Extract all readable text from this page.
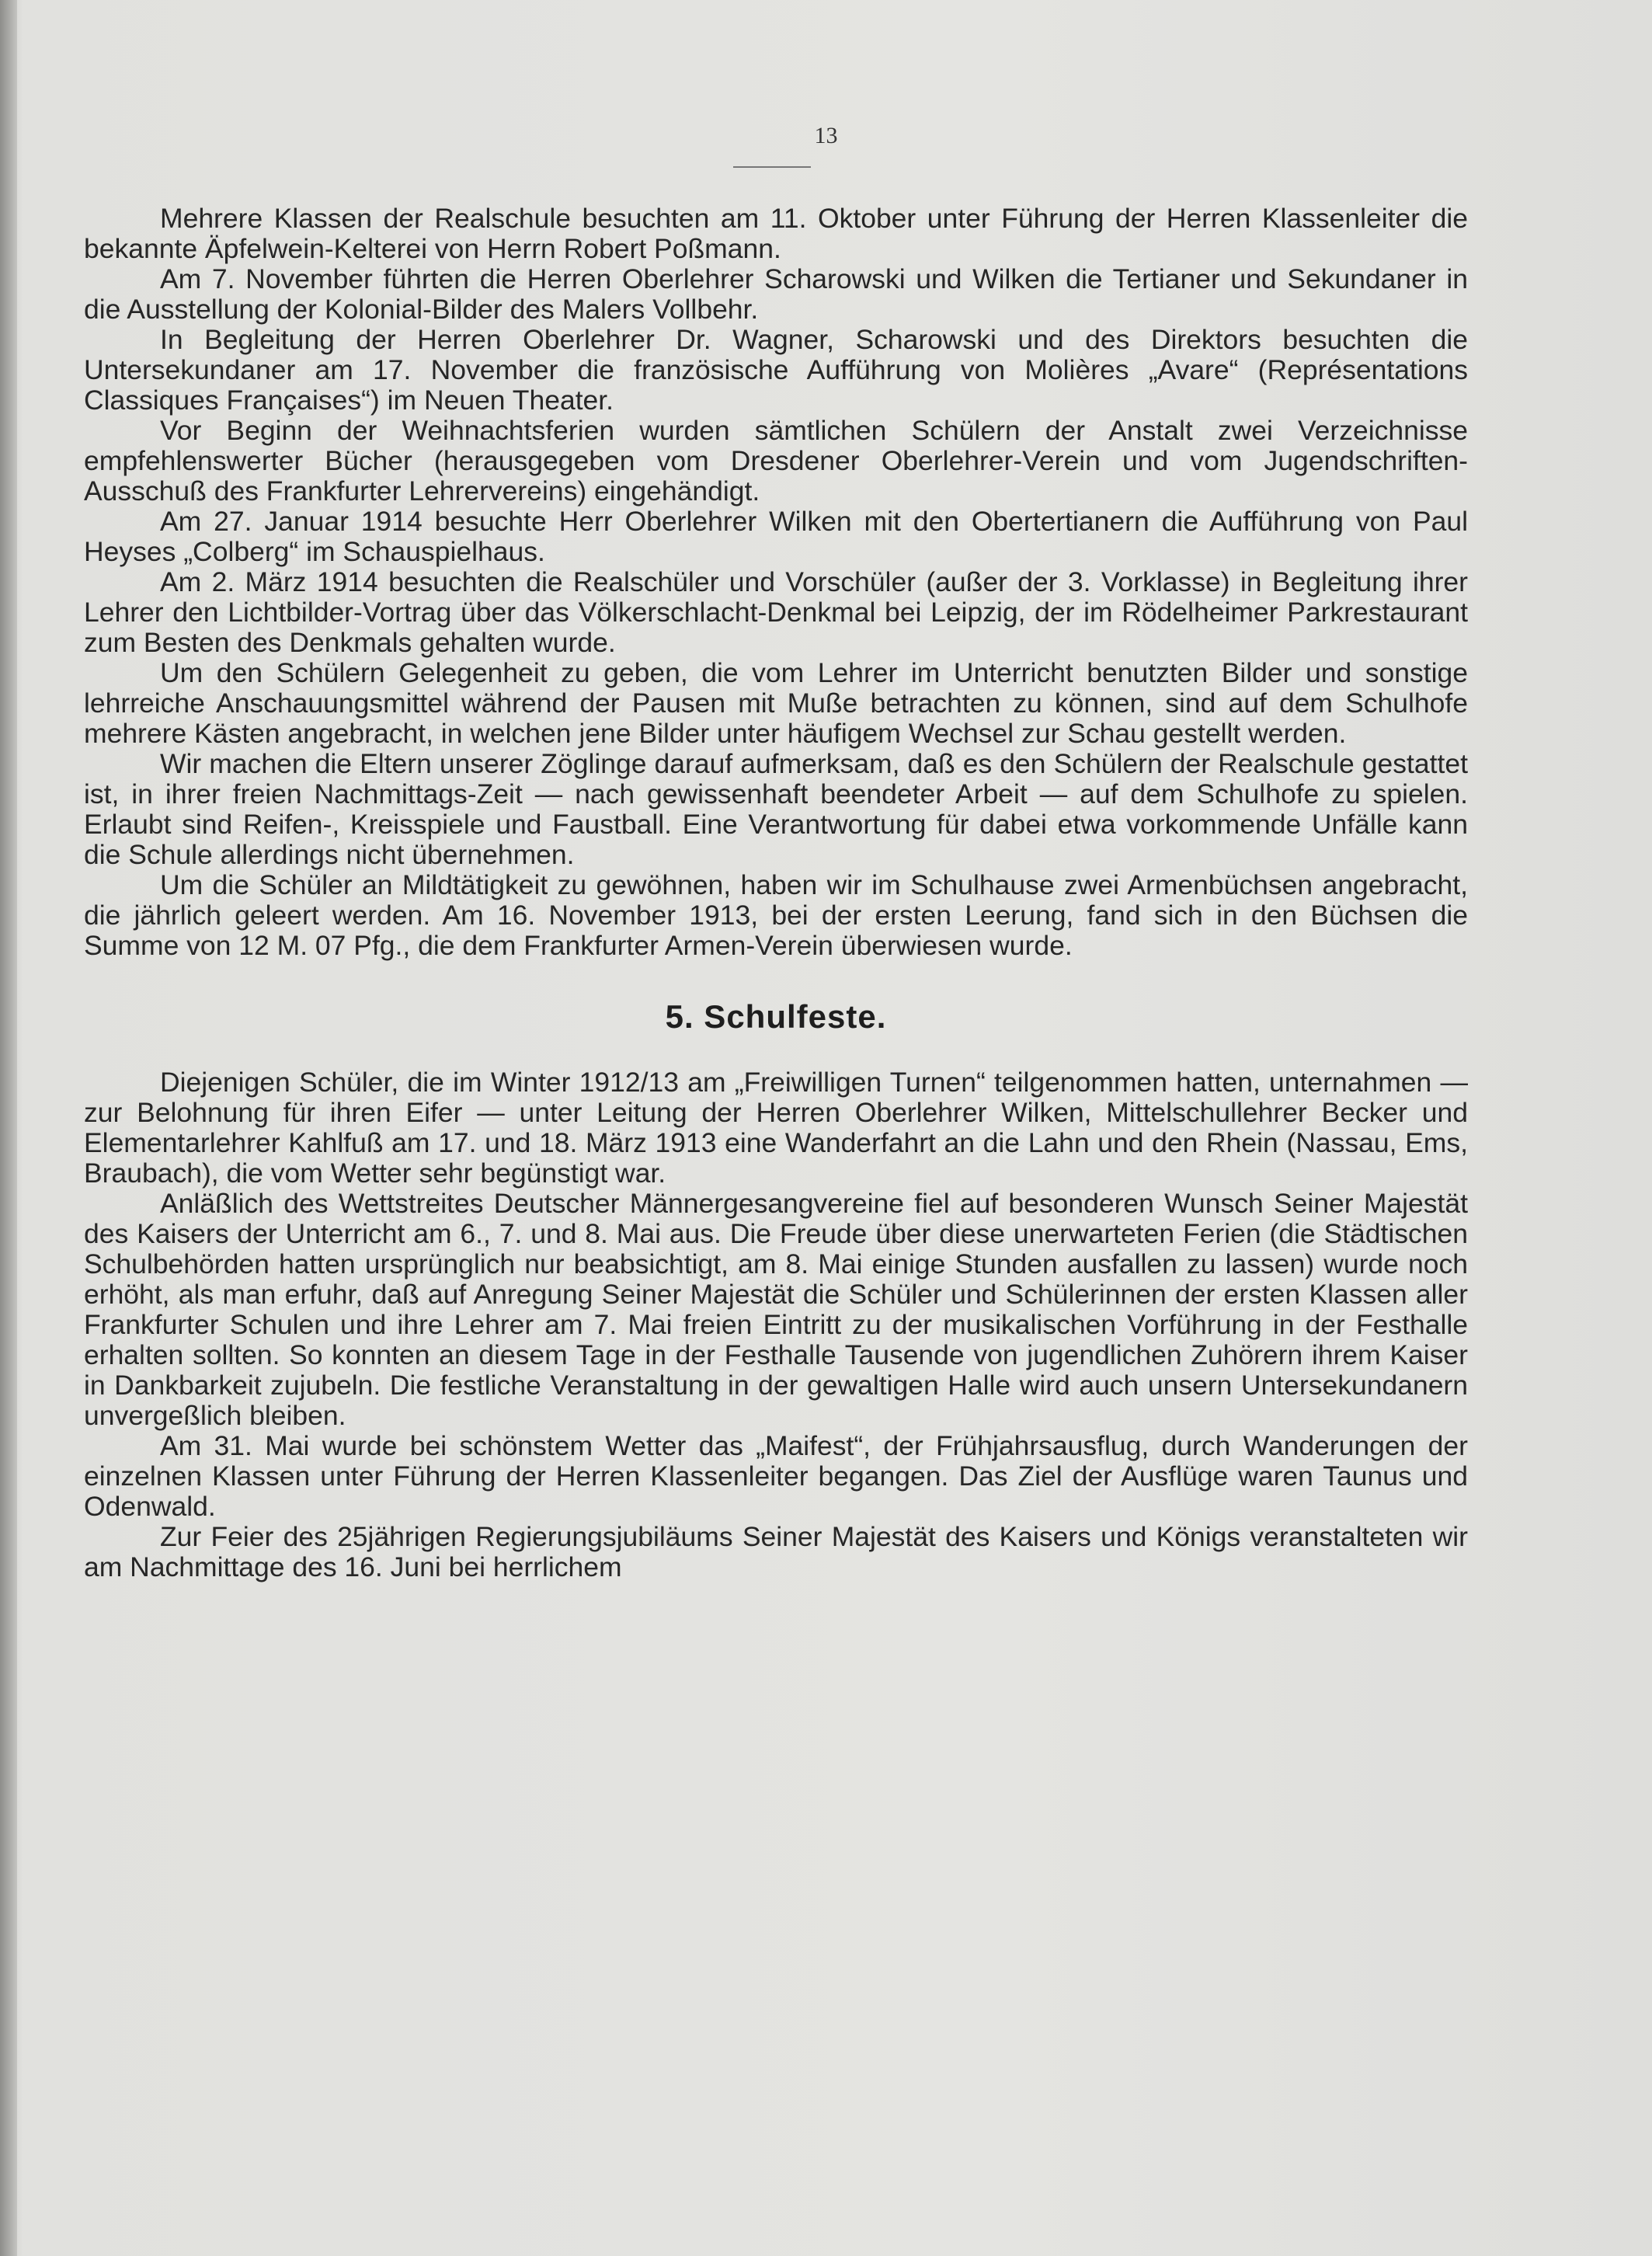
13

Mehrere Klassen der Realschule besuchten am 11. Oktober unter Führung der Herren Klassenleiter die bekannte Äpfelwein-Kelterei von Herrn Robert Poßmann.

Am 7. November führten die Herren Oberlehrer Scharowski und Wilken die Tertianer und Sekundaner in die Ausstellung der Kolonial-Bilder des Malers Vollbehr.

In Begleitung der Herren Oberlehrer Dr. Wagner, Scharowski und des Direktors besuchten die Untersekundaner am 17. November die französische Aufführung von Molières „Avare“ (Représentations Classiques Françaises“) im Neuen Theater.

Vor Beginn der Weihnachtsferien wurden sämtlichen Schülern der Anstalt zwei Verzeichnisse empfehlenswerter Bücher (herausgegeben vom Dresdener Oberlehrer-Verein und vom Jugendschriften-Ausschuß des Frankfurter Lehrervereins) eingehändigt.

Am 27. Januar 1914 besuchte Herr Oberlehrer Wilken mit den Obertertianern die Aufführung von Paul Heyses „Colberg“ im Schauspielhaus.

Am 2. März 1914 besuchten die Realschüler und Vorschüler (außer der 3. Vorklasse) in Begleitung ihrer Lehrer den Lichtbilder-Vortrag über das Völkerschlacht-Denkmal bei Leipzig, der im Rödelheimer Parkrestaurant zum Besten des Denkmals gehalten wurde.

Um den Schülern Gelegenheit zu geben, die vom Lehrer im Unterricht benutzten Bilder und sonstige lehrreiche Anschauungsmittel während der Pausen mit Muße betrachten zu können, sind auf dem Schulhofe mehrere Kästen angebracht, in welchen jene Bilder unter häufigem Wechsel zur Schau gestellt werden.

Wir machen die Eltern unserer Zöglinge darauf aufmerksam, daß es den Schülern der Realschule gestattet ist, in ihrer freien Nachmittags-Zeit — nach gewissenhaft beendeter Arbeit — auf dem Schulhofe zu spielen. Erlaubt sind Reifen-, Kreisspiele und Faustball. Eine Verantwortung für dabei etwa vorkommende Unfälle kann die Schule allerdings nicht übernehmen.

Um die Schüler an Mildtätigkeit zu gewöhnen, haben wir im Schulhause zwei Armenbüchsen angebracht, die jährlich geleert werden. Am 16. November 1913, bei der ersten Leerung, fand sich in den Büchsen die Summe von 12 M. 07 Pfg., die dem Frankfurter Armen-Verein überwiesen wurde.

5. Schulfeste.

Diejenigen Schüler, die im Winter 1912/13 am „Freiwilligen Turnen“ teilgenommen hatten, unternahmen — zur Belohnung für ihren Eifer — unter Leitung der Herren Oberlehrer Wilken, Mittelschullehrer Becker und Elementarlehrer Kahlfuß am 17. und 18. März 1913 eine Wanderfahrt an die Lahn und den Rhein (Nassau, Ems, Braubach), die vom Wetter sehr begünstigt war.

Anläßlich des Wettstreites Deutscher Männergesangvereine fiel auf besonderen Wunsch Seiner Majestät des Kaisers der Unterricht am 6., 7. und 8. Mai aus. Die Freude über diese unerwarteten Ferien (die Städtischen Schulbehörden hatten ursprünglich nur beabsichtigt, am 8. Mai einige Stunden ausfallen zu lassen) wurde noch erhöht, als man erfuhr, daß auf Anregung Seiner Majestät die Schüler und Schülerinnen der ersten Klassen aller Frankfurter Schulen und ihre Lehrer am 7. Mai freien Eintritt zu der musikalischen Vorführung in der Festhalle erhalten sollten. So konnten an diesem Tage in der Festhalle Tausende von jugendlichen Zuhörern ihrem Kaiser in Dankbarkeit zujubeln. Die festliche Veranstaltung in der gewaltigen Halle wird auch unsern Untersekundanern unvergeßlich bleiben.

Am 31. Mai wurde bei schönstem Wetter das „Maifest“, der Frühjahrsausflug, durch Wanderungen der einzelnen Klassen unter Führung der Herren Klassenleiter begangen. Das Ziel der Ausflüge waren Taunus und Odenwald.

Zur Feier des 25jährigen Regierungsjubiläums Seiner Majestät des Kaisers und Königs veranstalteten wir am Nachmittage des 16. Juni bei herrlichem
